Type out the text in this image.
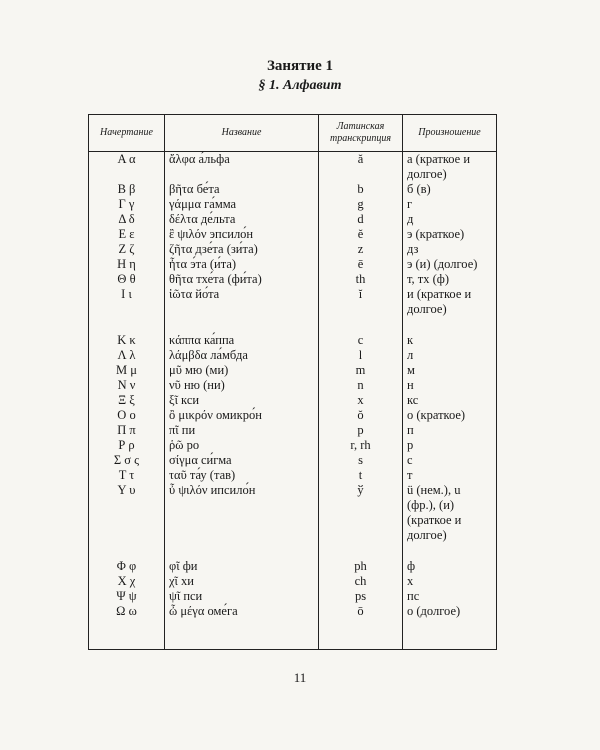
Занятие 1
§ 1. Алфавит
Начертание	Название	Латинская транскрипция	Произношение
Α α	ἄλφα а́льфа	ă	а (краткое и долгое)
Β β	βῆτα бе́та	b	б (в)
Γ γ	γάμμα га́мма	g	г
Δ δ	δέλτα де́льта	d	д
Ε ε	ἒ ψιλόν эпсило́н	ĕ	э (краткое)
Ζ ζ	ζῆτα дзе́та (зи́та)	z	дз
Η η	ἦτα э́та (и́та)	ē	э (и) (долгое)
Θ θ	θῆτα тхе́та (фи́та)	th	т, тх (ф)
Ι ι	ἰῶτα йо́та	ĭ	и (краткое и долгое)
Κ κ	κάππα ка́ппа	c	к
Λ λ	λάμβδα ла́мбда	l	л
Μ μ	μῦ мю (ми)	m	м
Ν ν	νῦ ню (ни)	n	н
Ξ ξ	ξῖ кси	x	кс
Ο ο	ὂ μικρόν омикро́н	ŏ	о (краткое)
Π π	πῖ пи	p	п
Ρ ρ	ῥῶ ро	r, rh	р
Σ σ ς	σίγμα си́гма	s	с
Τ τ	ταῦ та́у (тав)	t	т
Υ υ	ὖ ψιλόν ипсило́н	ў	ü (нем.), u (фр.), (и) (краткое и долгое)
Φ φ	φῖ фи	ph	ф
Χ χ	χῖ хи	ch	х
Ψ ψ	ψῖ пси	ps	пс
Ω ω	ὦ μέγα оме́га	ō	о (долгое)
11
